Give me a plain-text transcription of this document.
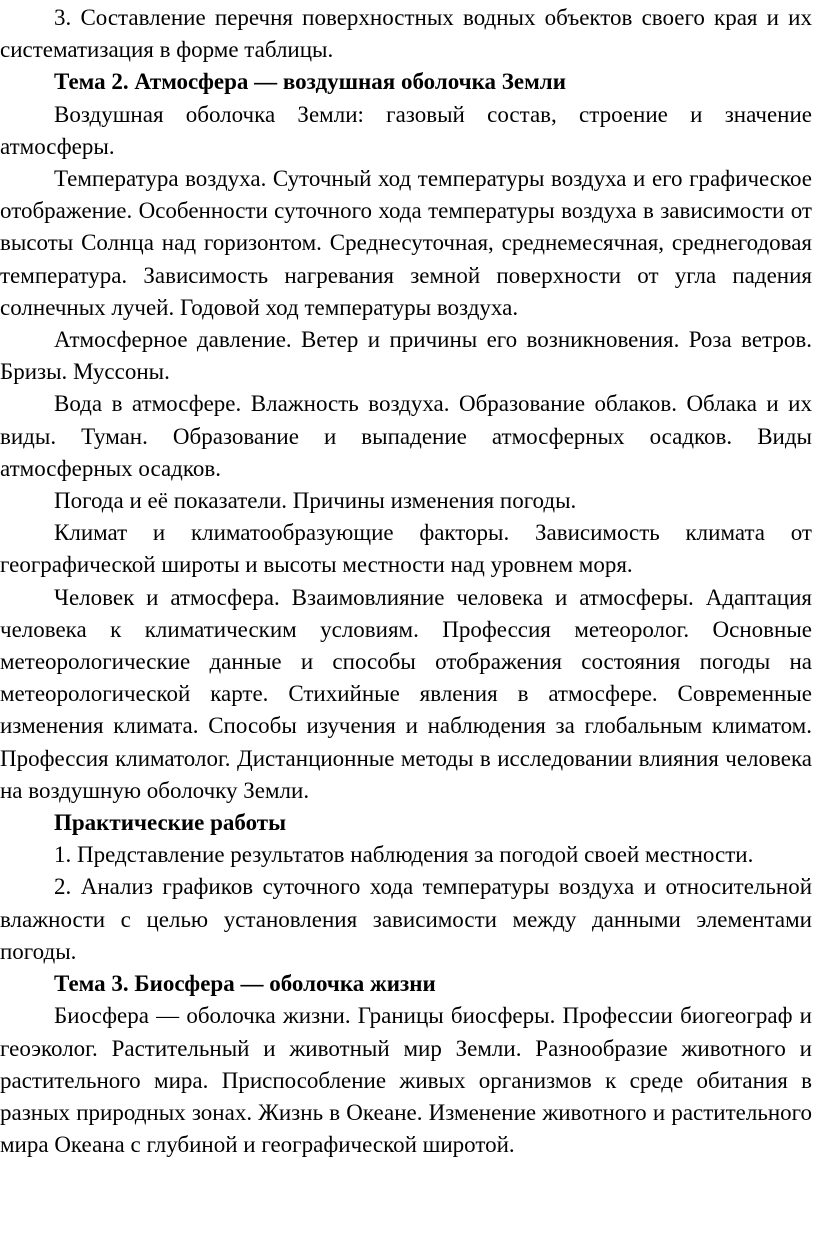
3. Составление перечня поверхностных водных объектов своего края и их систематизация в форме таблицы.

Тема 2. Атмосфера — воздушная оболочка Земли

Воздушная оболочка Земли: газовый состав, строение и значение атмосферы.

Температура воздуха. Суточный ход температуры воздуха и его графическое отображение. Особенности суточного хода температуры воздуха в зависимости от высоты Солнца над горизонтом. Среднесуточная, среднемесячная, среднегодовая температура. Зависимость нагревания земной поверхности от угла падения солнечных лучей. Годовой ход температуры воздуха.

Атмосферное давление. Ветер и причины его возникновения. Роза ветров. Бризы. Муссоны.

Вода в атмосфере. Влажность воздуха. Образование облаков. Облака и их виды. Туман. Образование и выпадение атмосферных осадков. Виды атмосферных осадков.

Погода и её показатели. Причины изменения погоды.

Климат и климатообразующие факторы. Зависимость климата от географической широты и высоты местности над уровнем моря.

Человек и атмосфера. Взаимовлияние человека и атмосферы. Адаптация человека к климатическим условиям. Профессия метеоролог. Основные метеорологические данные и способы отображения состояния погоды на метеорологической карте. Стихийные явления в атмосфере. Современные изменения климата. Способы изучения и наблюдения за глобальным климатом. Профессия климатолог. Дистанционные методы в исследовании влияния человека на воздушную оболочку Земли.

Практические работы

1. Представление результатов наблюдения за погодой своей местности.

2. Анализ графиков суточного хода температуры воздуха и относительной влажности с целью установления зависимости между данными элементами погоды.

Тема 3. Биосфера — оболочка жизни

Биосфера — оболочка жизни. Границы биосферы. Профессии биогеограф и геоэколог. Растительный и животный мир Земли. Разнообразие животного и растительного мира. Приспособление живых организмов к среде обитания в разных природных зонах. Жизнь в Океане. Изменение животного и растительного мира Океана с глубиной и географической широтой.
